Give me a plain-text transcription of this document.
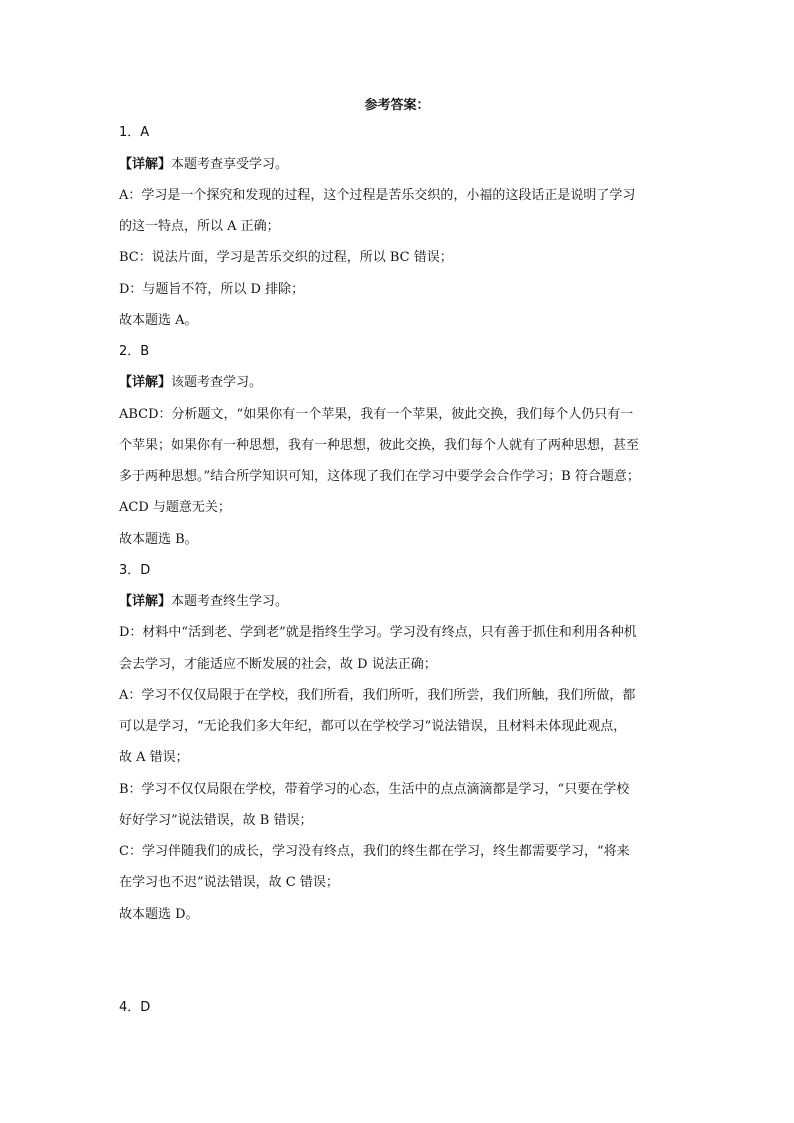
参考答案：
1．A
【详解】本题考查享受学习。
A：学习是一个探究和发现的过程，这个过程是苦乐交织的，小福的这段话正是说明了学习
的这一特点，所以 A 正确；
BC：说法片面，学习是苦乐交织的过程，所以 BC 错误；
D：与题旨不符，所以 D 排除；
故本题选 A。
2．B
【详解】该题考查学习。
ABCD：分析题文，“如果你有一个苹果，我有一个苹果，彼此交换，我们每个人仍只有一
个苹果；如果你有一种思想，我有一种思想，彼此交换，我们每个人就有了两种思想，甚至
多于两种思想。”结合所学知识可知，这体现了我们在学习中要学会合作学习；B 符合题意；
ACD 与题意无关；
故本题选 B。
3．D
【详解】本题考查终生学习。
D：材料中“活到老、学到老”就是指终生学习。学习没有终点，只有善于抓住和利用各种机
会去学习，才能适应不断发展的社会，故 D 说法正确；
A：学习不仅仅局限于在学校，我们所看，我们所听，我们所尝，我们所触，我们所做，都
可以是学习，“无论我们多大年纪，都可以在学校学习”说法错误，且材料未体现此观点，
故 A 错误；
B：学习不仅仅局限在学校，带着学习的心态，生活中的点点滴滴都是学习，“只要在学校
好好学习”说法错误，故 B 错误；
C：学习伴随我们的成长，学习没有终点，我们的终生都在学习，终生都需要学习，“将来
在学习也不迟”说法错误，故 C 错误；
故本题选 D。
4．D
